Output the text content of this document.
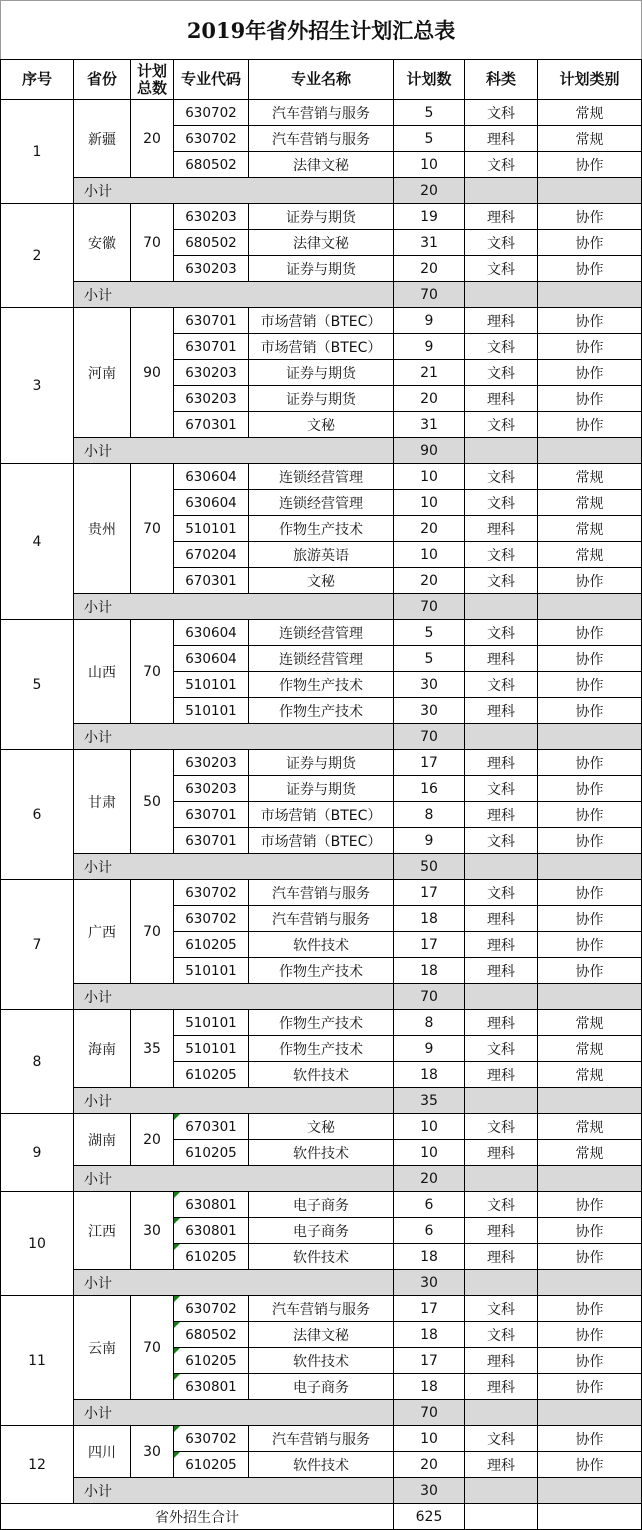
2019年省外招生计划汇总表							
序号	省份	计划总数	专业代码	专业名称	计划数	科类	计划类别
1	新疆	20	630702	汽车营销与服务	5	文科	常规
			630702	汽车营销与服务	5	理科	常规
			680502	法律文秘	10	文科	协作
	小计				20		
2	安徽	70	630203	证券与期货	19	理科	协作
			680502	法律文秘	31	文科	协作
			630203	证券与期货	20	文科	协作
	小计				70		
3	河南	90	630701	市场营销（BTEC）	9	理科	协作
			630701	市场营销（BTEC）	9	文科	协作
			630203	证券与期货	21	文科	协作
			630203	证券与期货	20	理科	协作
			670301	文秘	31	文科	协作
	小计				90		
4	贵州	70	630604	连锁经营管理	10	文科	常规
			630604	连锁经营管理	10	文科	常规
			510101	作物生产技术	20	理科	常规
			670204	旅游英语	10	文科	常规
			670301	文秘	20	文科	协作
	小计				70		
5	山西	70	630604	连锁经营管理	5	文科	协作
			630604	连锁经营管理	5	理科	协作
			510101	作物生产技术	30	文科	协作
			510101	作物生产技术	30	理科	协作
	小计				70		
6	甘肃	50	630203	证券与期货	17	理科	协作
			630203	证券与期货	16	文科	协作
			630701	市场营销（BTEC）	8	理科	协作
			630701	市场营销（BTEC）	9	文科	协作
	小计				50		
7	广西	70	630702	汽车营销与服务	17	文科	协作
			630702	汽车营销与服务	18	理科	协作
			610205	软件技术	17	理科	协作
			510101	作物生产技术	18	理科	协作
	小计				70		
8	海南	35	510101	作物生产技术	8	理科	常规
			510101	作物生产技术	9	文科	常规
			610205	软件技术	18	理科	常规
	小计				35		
9	湖南	20	670301	文秘	10	文科	常规
			610205	软件技术	10	理科	常规
	小计				20		
10	江西	30	630801	电子商务	6	文科	协作
			630801	电子商务	6	理科	协作
			610205	软件技术	18	理科	协作
	小计				30		
11	云南	70	630702	汽车营销与服务	17	文科	协作
			680502	法律文秘	18	文科	协作
			610205	软件技术	17	理科	协作
			630801	电子商务	18	理科	协作
	小计				70		
12	四川	30	630702	汽车营销与服务	10	文科	协作
			610205	软件技术	20	理科	协作
	小计				30		
省外招生合计					625		
